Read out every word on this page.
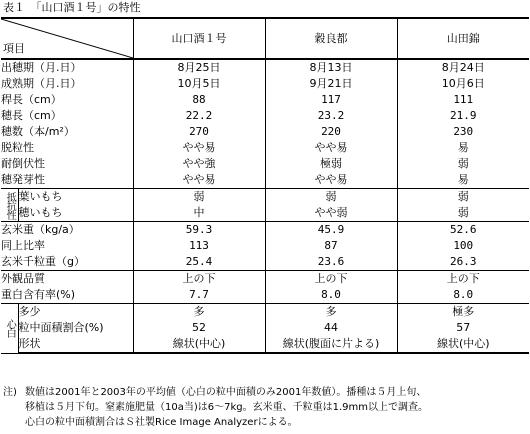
表１　「山口酒１号」の特性
項目		山口酒１号	穀良都	山田錦
出穂期（月.日）		8月25日	8月13日	8月24日
成熟期（月.日）		10月5日	9月21日	10月6日
稈長（cm）		88	117	111
穂長（cm）		22.2	23.2	21.9
穂数（本/m²）		270	220	230
脱粒性		やや易	やや易	易
耐倒伏性		やや強	極弱	弱
穂発芽性		やや易	やや易	易
抵抗性	葉いもち	弱	弱	弱
	穂いもち	中	やや弱	弱
玄米重（kg/a）		59.3	45.9	52.6
同上比率		113	87	100
玄米千粒重（g）		25.4	23.6	26.3
外観品質		上の下	上の下	上の下
重白含有率(%)		7.7	8.0	8.0
心白	多少	多	多	極多
	粒中面積割合(%)	52	44	57
	形状	線状(中心)	線状(腹面に片よる)	線状(中心)
注) 数値は2001年と2003年の平均値（心白の粒中面積のみ2001年数値）。播種は５月上旬、
移植は５月下旬。窒素施肥量（10a当)は6～7kg。玄米重、千粒重は1.9mm以上で調查。
心白の粒中面積割合はＳ社製Rice Image Analyzerによる。
